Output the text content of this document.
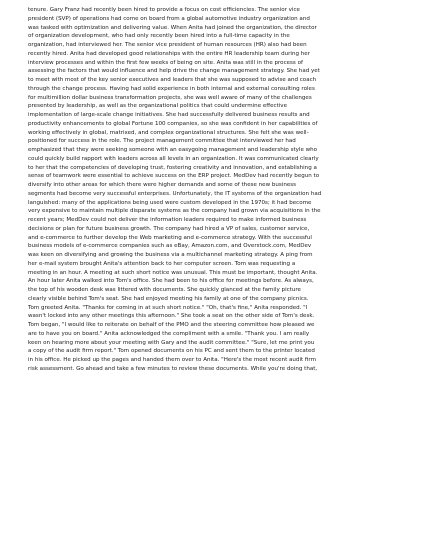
tenure. Gary Franz had recently been hired to provide a focus on cost efficiencies. The senior vice
president (SVP) of operations had come on board from a global automotive industry organization and
was tasked with optimization and delivering value. When Anita had joined the organization, the director
of organization development, who had only recently been hired into a full-time capacity in the
organization, had interviewed her. The senior vice president of human resources (HR) also had been
recently hired. Anita had developed good relationships with the entire HR leadership team during her
interview processes and within the first few weeks of being on site. Anita was still in the process of
assessing the factors that would influence and help drive the change management strategy. She had yet
to meet with most of the key senior executives and leaders that she was supposed to advise and coach
through the change process. Having had solid experience in both internal and external consulting roles
for multimillion dollar business transformation projects, she was well aware of many of the challenges
presented by leadership, as well as the organizational politics that could undermine effective
implementation of large-scale change initiatives. She had successfully delivered business results and
productivity enhancements to global Fortune 100 companies, so she was confident in her capabilities of
working effectively in global, matrixed, and complex organizational structures. She felt she was well-
positioned for success in the role. The project management committee that interviewed her had
emphasized that they were seeking someone with an easygoing management and leadership style who
could quickly build rapport with leaders across all levels in an organization. It was communicated clearly
to her that the competencies of developing trust, fostering creativity and innovation, and establishing a
sense of teamwork were essential to achieve success on the ERP project. MedDev had recently begun to
diversify into other areas for which there were higher demands and some of these new business
segments had become very successful enterprises. Unfortunately, the IT systems of the organization had
languished: many of the applications being used were custom developed in the 1970s; it had become
very expensive to maintain multiple disparate systems as the company had grown via acquisitions in the
recent years; MedDev could not deliver the information leaders required to make informed business
decisions or plan for future business growth. The company had hired a VP of sales, customer service,
and e-commerce to further develop the Web marketing and e-commerce strategy. With the successful
business models of e-commerce companies such as eBay, Amazon.com, and Overstock.com, MedDev
was keen on diversifying and growing the business via a multichannel marketing strategy. A ping from
her e-mail system brought Anita's attention back to her computer screen. Tom was requesting a
meeting in an hour. A meeting at such short notice was unusual. This must be important, thought Anita.
An hour later Anita walked into Tom's office. She had been to his office for meetings before. As always,
the top of his wooden desk was littered with documents. She quickly glanced at the family picture
clearly visible behind Tom's seat. She had enjoyed meeting his family at one of the company picnics.
Tom greeted Anita. "Thanks for coming in at such short notice." "Oh, that's fine," Anita responded. "I
wasn't locked into any other meetings this afternoon." She took a seat on the other side of Tom's desk.
Tom began, "I would like to reiterate on behalf of the PMO and the steering committee how pleased we
are to have you on board." Anita acknowledged the compliment with a smile. "Thank you. I am really
keen on hearing more about your meeting with Gary and the audit committee." "Sure, let me print you
a copy of the audit firm report." Tom opened documents on his PC and sent them to the printer located
in his office. He picked up the pages and handed them over to Anita. "Here's the most recent audit firm
risk assessment. Go ahead and take a few minutes to review these documents. While you're doing that,
